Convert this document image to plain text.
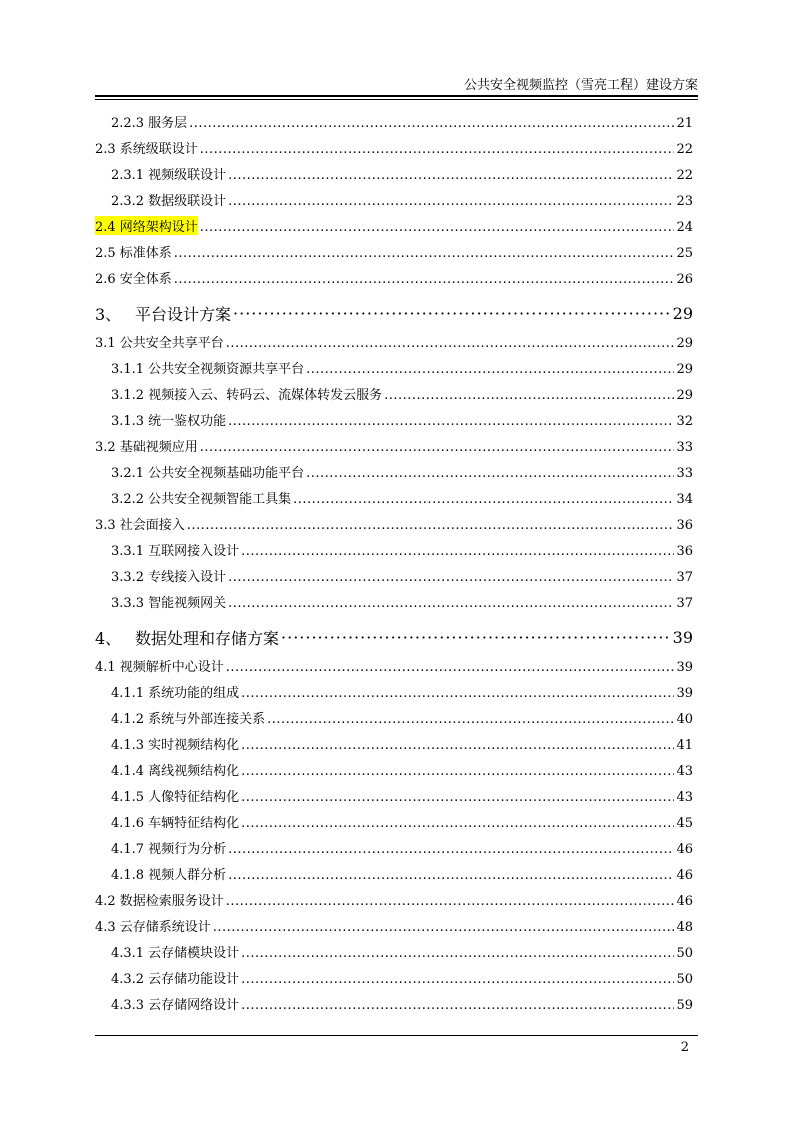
公共安全视频监控（雪亮工程）建设方案
2.2.3 服务层 .....	21
2.3 系统级联设计 .....	22
2.3.1 视频级联设计 .....	22
2.3.2 数据级联设计 .....	23
2.4 网络架构设计 .....	24
2.5 标准体系 .....	25
2.6 安全体系 .....	26
3、 平台设计方案 ·····	29
3.1 公共安全共享平台 .....	29
3.1.1 公共安全视频资源共享平台 .....	29
3.1.2 视频接入云、转码云、流媒体转发云服务 .....	29
3.1.3 统一鉴权功能 .....	32
3.2 基础视频应用 .....	33
3.2.1 公共安全视频基础功能平台 .....	33
3.2.2 公共安全视频智能工具集 .....	34
3.3 社会面接入 .....	36
3.3.1 互联网接入设计 .....	36
3.3.2 专线接入设计 .....	37
3.3.3 智能视频网关 .....	37
4、 数据处理和存储方案 ·····	39
4.1 视频解析中心设计 .....	39
4.1.1 系统功能的组成 .....	39
4.1.2 系统与外部连接关系 .....	40
4.1.3 实时视频结构化 .....	41
4.1.4 离线视频结构化 .....	43
4.1.5 人像特征结构化 .....	43
4.1.6 车辆特征结构化 .....	45
4.1.7 视频行为分析 .....	46
4.1.8 视频人群分析 .....	46
4.2 数据检索服务设计 .....	46
4.3 云存储系统设计 .....	48
4.3.1 云存储模块设计 .....	50
4.3.2 云存储功能设计 .....	50
4.3.3 云存储网络设计 .....	59
2
